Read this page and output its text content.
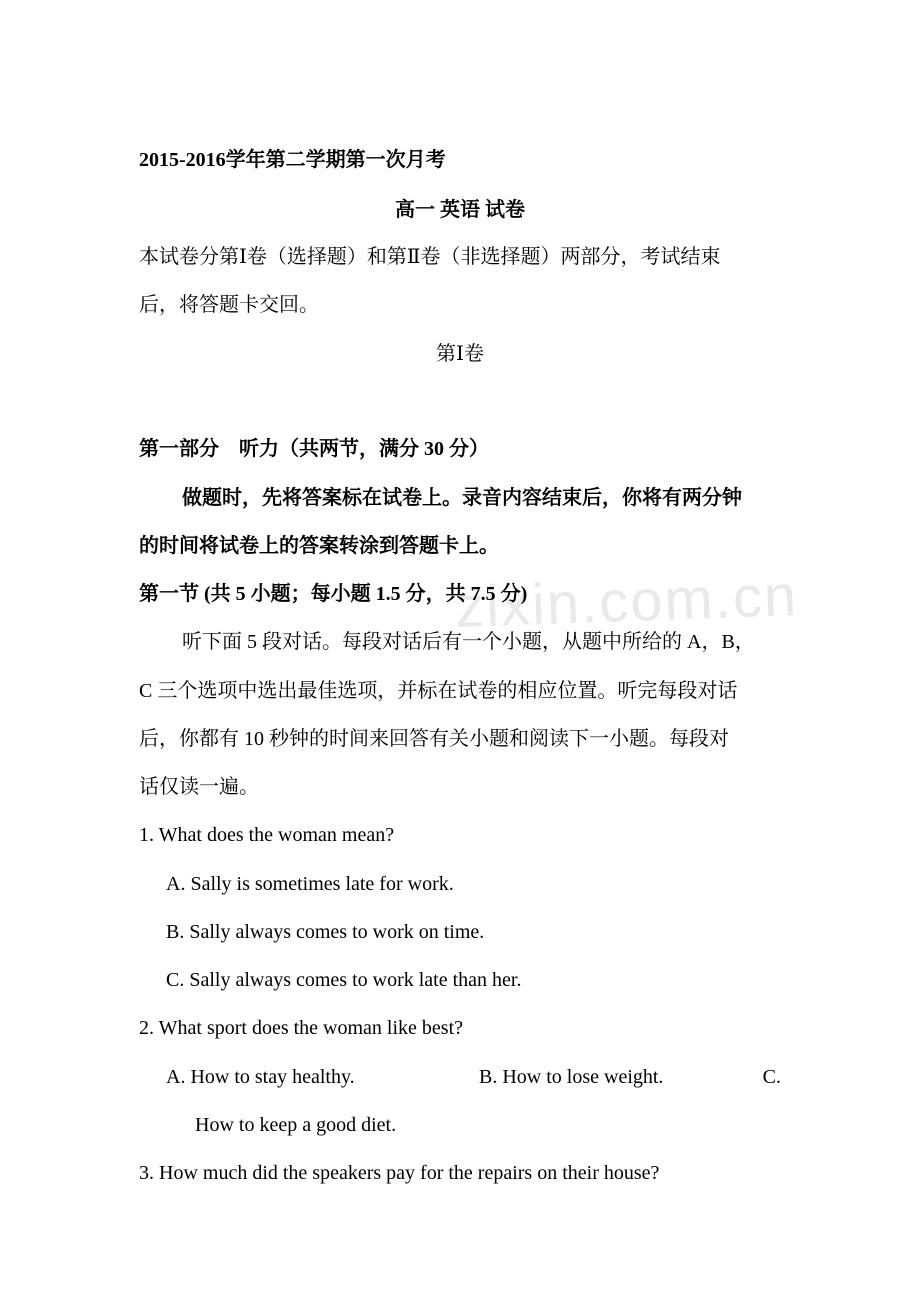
zixin.com.cn
2015-2016学年第二学期第一次月考
高一 英语 试卷
本试卷分第Ⅰ卷（选择题）和第Ⅱ卷（非选择题）两部分，考试结束
后，将答题卡交回。
第Ⅰ卷
第一部分　听力（共两节，满分 30 分）
做题时，先将答案标在试卷上。录音内容结束后，你将有两分钟
的时间将试卷上的答案转涂到答题卡上。
第一节 (共 5 小题；每小题 1.5 分，共 7.5 分)
听下面 5 段对话。每段对话后有一个小题，从题中所给的 A，B，
C 三个选项中选出最佳选项，并标在试卷的相应位置。听完每段对话
后，你都有 10 秒钟的时间来回答有关小题和阅读下一小题。每段对
话仅读一遍。
1. What does the woman mean?
A. Sally is sometimes late for work.
B. Sally always comes to work on time.
C. Sally always comes to work late than her.
2. What sport does the woman like best?
A. How to stay healthy.	B. How to lose weight.	C.
How to keep a good diet.
3. How much did the speakers pay for the repairs on their house?
